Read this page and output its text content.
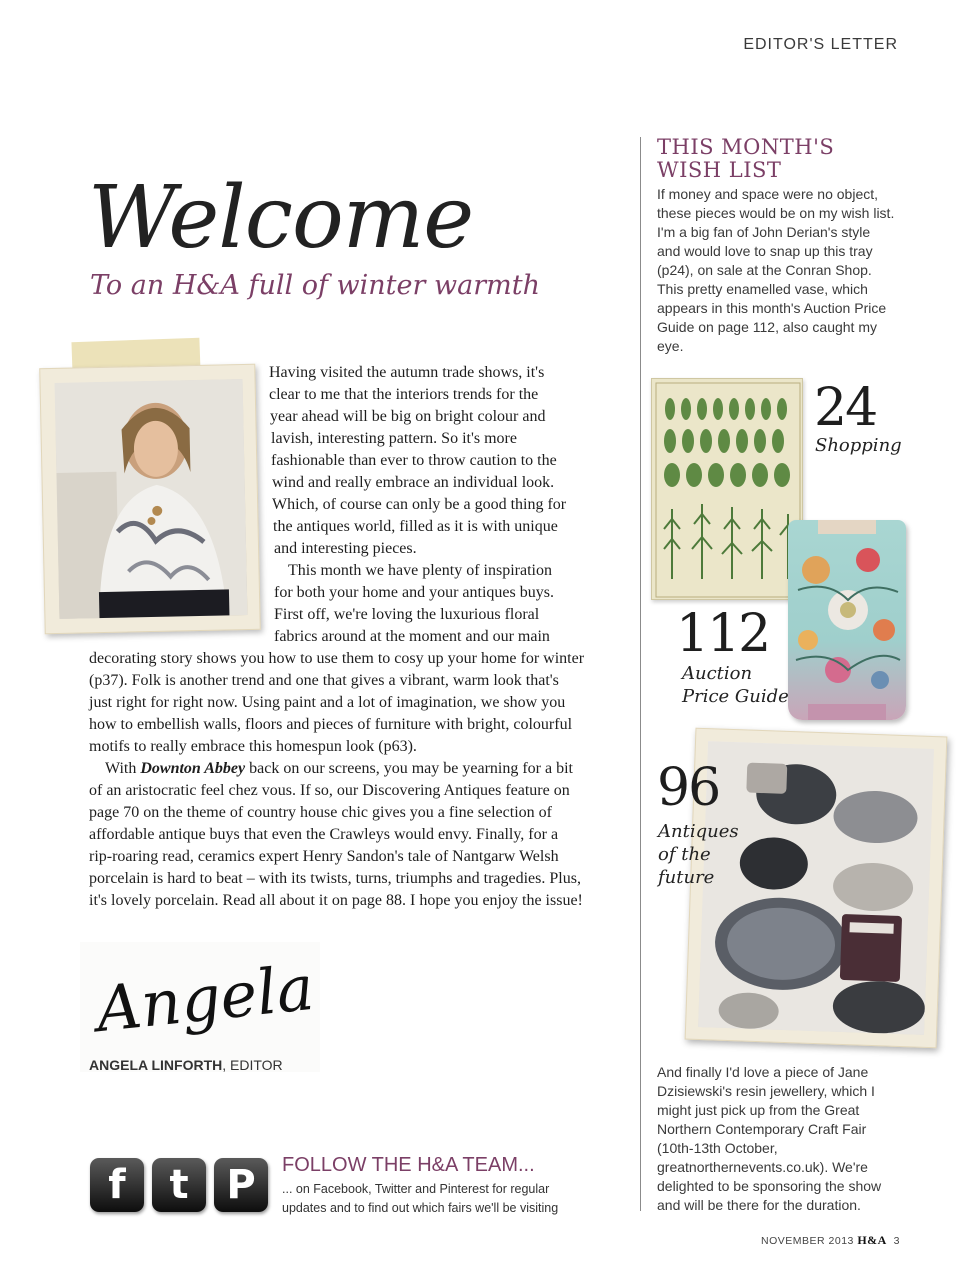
EDITOR'S LETTER
Welcome
To an H&A full of winter warmth
Having visited the autumn trade shows, it's
clear to me that the interiors trends for the
year ahead will be big on bright colour and
lavish, interesting pattern. So it's more
fashionable than ever to throw caution to the
wind and really embrace an individual look.
Which, of course can only be a good thing for
the antiques world, filled as it is with unique
and interesting pieces.
This month we have plenty of inspiration
for both your home and your antiques buys.
First off, we're loving the luxurious floral
fabrics around at the moment and our main
decorating story shows you how to use them to cosy up your home for winter (p37). Folk is another trend and one that gives a vibrant, warm look that's just right for right now. Using paint and a lot of imagination, we show you how to embellish walls, floors and pieces of furniture with bright, colourful motifs to really embrace this homespun look (p63).
With Downton Abbey back on our screens, you may be yearning for a bit of an aristocratic feel chez vous. If so, our Discovering Antiques feature on page 70 on the theme of country house chic gives you a fine selection of affordable antique buys that even the Crawleys would envy. Finally, for a rip-roaring read, ceramics expert Henry Sandon's tale of Nantgarw Welsh porcelain is hard to beat – with its twists, turns, triumphs and tragedies. Plus, it's lovely porcelain. Read all about it on page 88. I hope you enjoy the issue!
Angela
ANGELA LINFORTH, EDITOR
f	t P	FOLLOW THE H&A TEAM...
... on Facebook, Twitter and Pinterest for regular updates and to find out which fairs we'll be visiting
THIS MONTH'S
WISH LIST
If money and space were no object, these pieces would be on my wish list. I'm a big fan of John Derian's style and would love to snap up this tray (p24), on sale at the Conran Shop. This pretty enamelled vase, which appears in this month's Auction Price Guide on page 112, also caught my eye.
24
Shopping
112
Auction
Price Guide
96
Antiques
of the
future
And finally I'd love a piece of Jane Dzisiewski's resin jewellery, which I might just pick up from the Great Northern Contemporary Craft Fair (10th-13th October, greatnorthernevents.co.uk). We're delighted to be sponsoring the show and will be there for the duration.
NOVEMBER 2013 H&A 3
